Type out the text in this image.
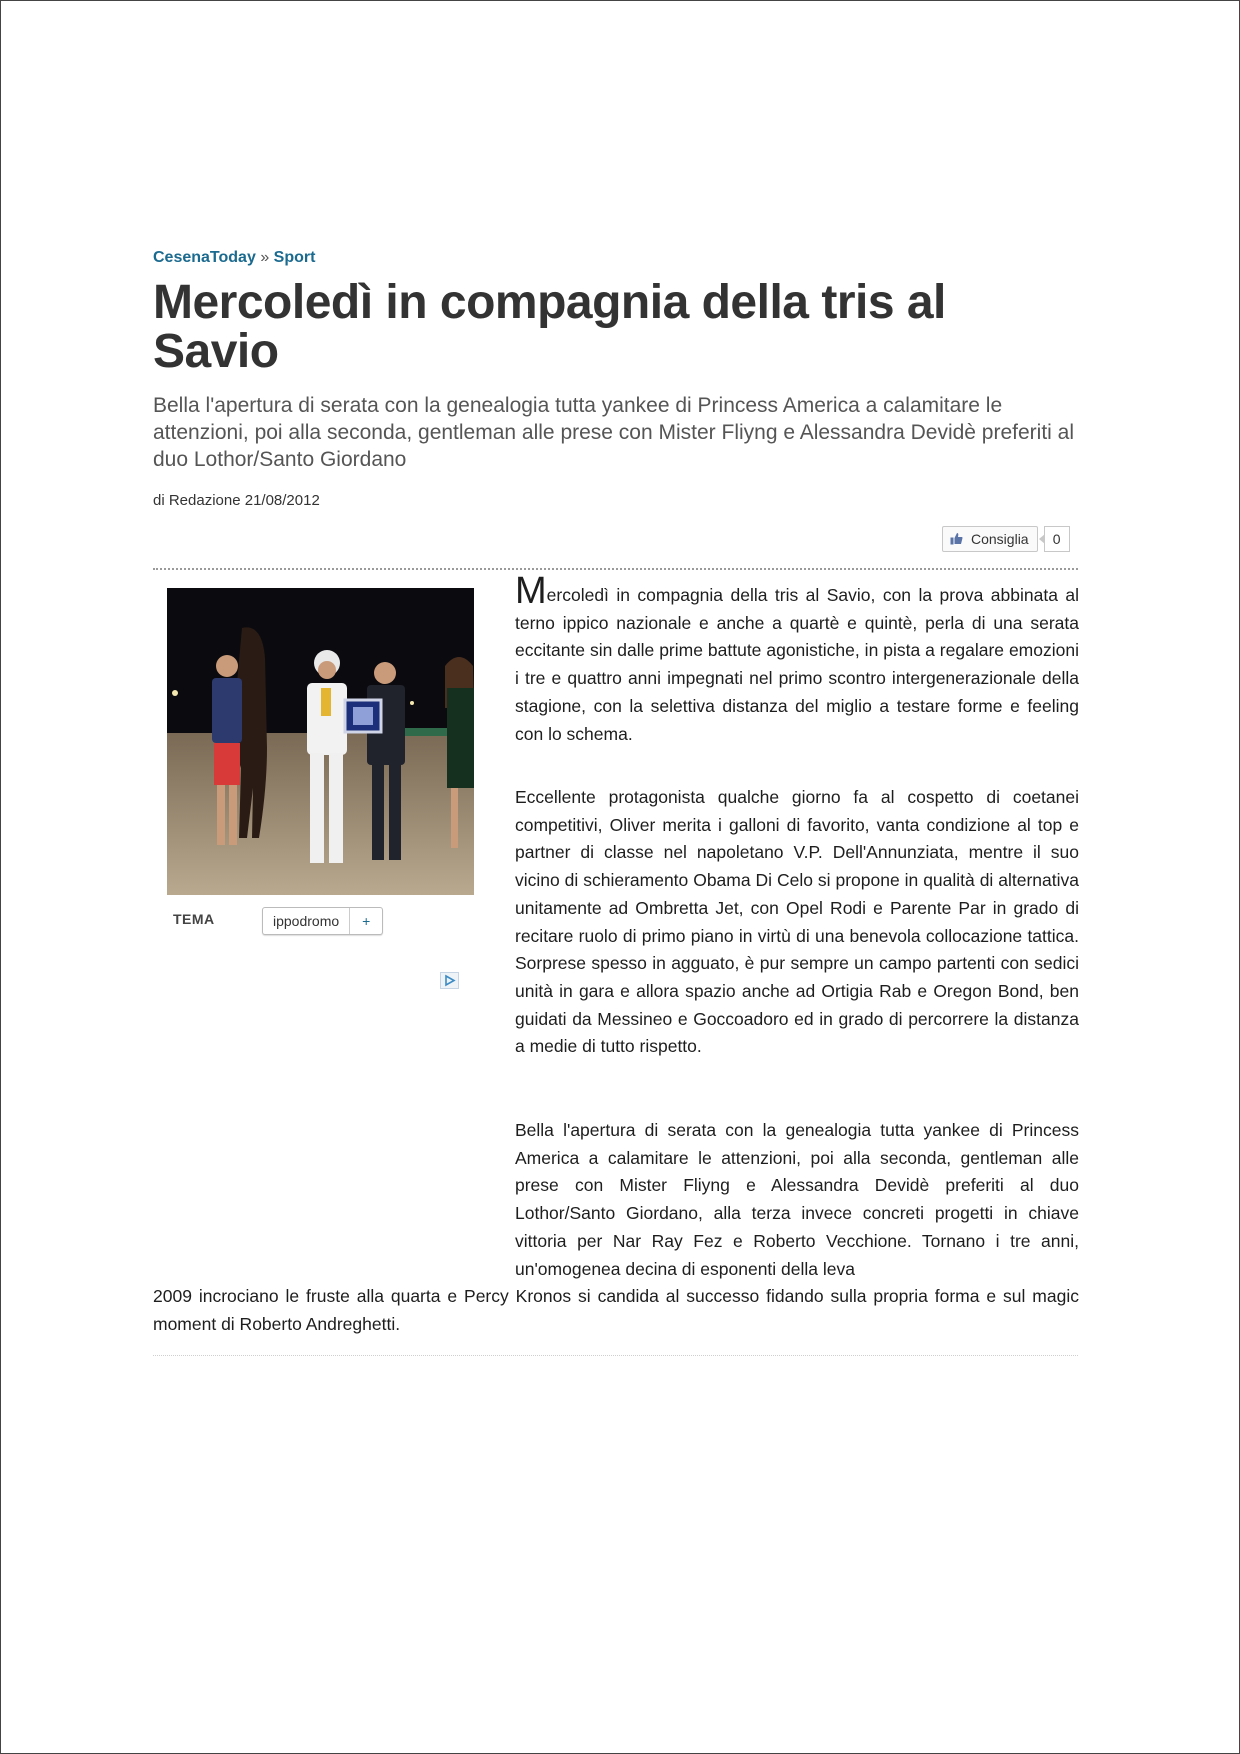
CesenaToday » Sport
Mercoledì in compagnia della tris al Savio

Bella l'apertura di serata con la genealogia tutta yankee di Princess America a calamitare le attenzioni, poi alla seconda, gentleman alle prese con Mister Fliyng e Alessandra Devidè preferiti al duo Lothor/Santo Giordano

di Redazione 21/08/2012
Consiglia	0
TEMA	ippodromo	+

Mercoledì in compagnia della tris al Savio, con la prova abbinata al terno ippico nazionale e anche a quartè e quintè, perla di una serata eccitante sin dalle prime battute agonistiche, in pista a regalare emozioni i tre e quattro anni impegnati nel primo scontro intergenerazionale della stagione, con la selettiva distanza del miglio a testare forme e feeling con lo schema.

Eccellente protagonista qualche giorno fa al cospetto di coetanei competitivi, Oliver merita i galloni di favorito, vanta condizione al top e partner di classe nel napoletano V.P. Dell'Annunziata, mentre il suo vicino di schieramento Obama Di Celo si propone in qualità di alternativa unitamente ad Ombretta Jet, con Opel Rodi e Parente Par in grado di recitare ruolo di primo piano in virtù di una benevola collocazione tattica. Sorprese spesso in agguato, è pur sempre un campo partenti con sedici unità in gara e allora spazio anche ad Ortigia Rab e Oregon Bond, ben guidati da Messineo e Goccoadoro ed in grado di percorrere la distanza a medie di tutto rispetto.

Bella l'apertura di serata con la genealogia tutta yankee di Princess America a calamitare le attenzioni, poi alla seconda, gentleman alle prese con Mister Fliyng e Alessandra Devidè preferiti al duo Lothor/Santo Giordano, alla terza invece concreti progetti in chiave vittoria per Nar Ray Fez e Roberto Vecchione. Tornano i tre anni, un'omogenea decina di esponenti della leva

2009 incrociano le fruste alla quarta e Percy Kronos si candida al successo fidando sulla propria forma e sul magic moment di Roberto Andreghetti.
